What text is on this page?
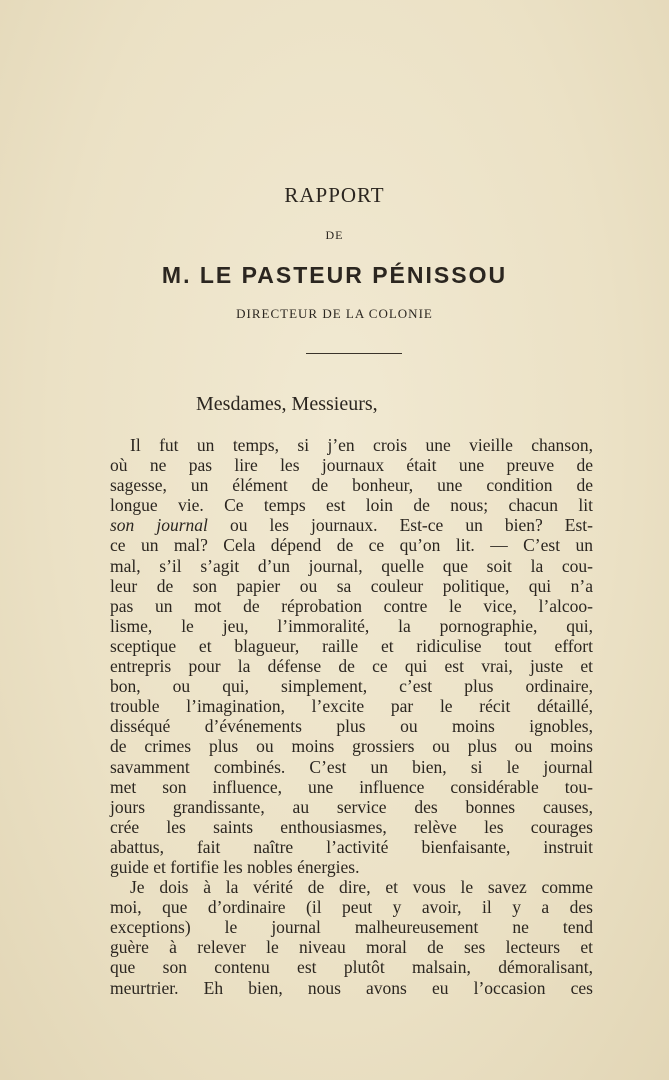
RAPPORT
DE
M. LE PASTEUR PÉNISSOU
DIRECTEUR DE LA COLONIE
Mesdames, Messieurs,
Il fut un temps, si j’en crois une vieille chanson,
où ne pas lire les journaux était une preuve de
sagesse, un élément de bonheur, une condition de
longue vie. Ce temps est loin de nous; chacun lit
son journal ou les journaux. Est-ce un bien? Est-
ce un mal? Cela dépend de ce qu’on lit. — C’est un
mal, s’il s’agit d’un journal, quelle que soit la cou-
leur de son papier ou sa couleur politique, qui n’a
pas un mot de réprobation contre le vice, l’alcoo-
lisme, le jeu, l’immoralité, la pornographie, qui,
sceptique et blagueur, raille et ridiculise tout effort
entrepris pour la défense de ce qui est vrai, juste et
bon, ou qui, simplement, c’est plus ordinaire,
trouble l’imagination, l’excite par le récit détaillé,
disséqué d’événements plus ou moins ignobles,
de crimes plus ou moins grossiers ou plus ou moins
savamment combinés. C’est un bien, si le journal
met son influence, une influence considérable tou-
jours grandissante, au service des bonnes causes,
crée les saints enthousiasmes, relève les courages
abattus, fait naître l’activité bienfaisante, instruit
guide et fortifie les nobles énergies.
Je dois à la vérité de dire, et vous le savez comme
moi, que d’ordinaire (il peut y avoir, il y a des
exceptions) le journal malheureusement ne tend
guère à relever le niveau moral de ses lecteurs et
que son contenu est plutôt malsain, démoralisant,
meurtrier. Eh bien, nous avons eu l’occasion ces
